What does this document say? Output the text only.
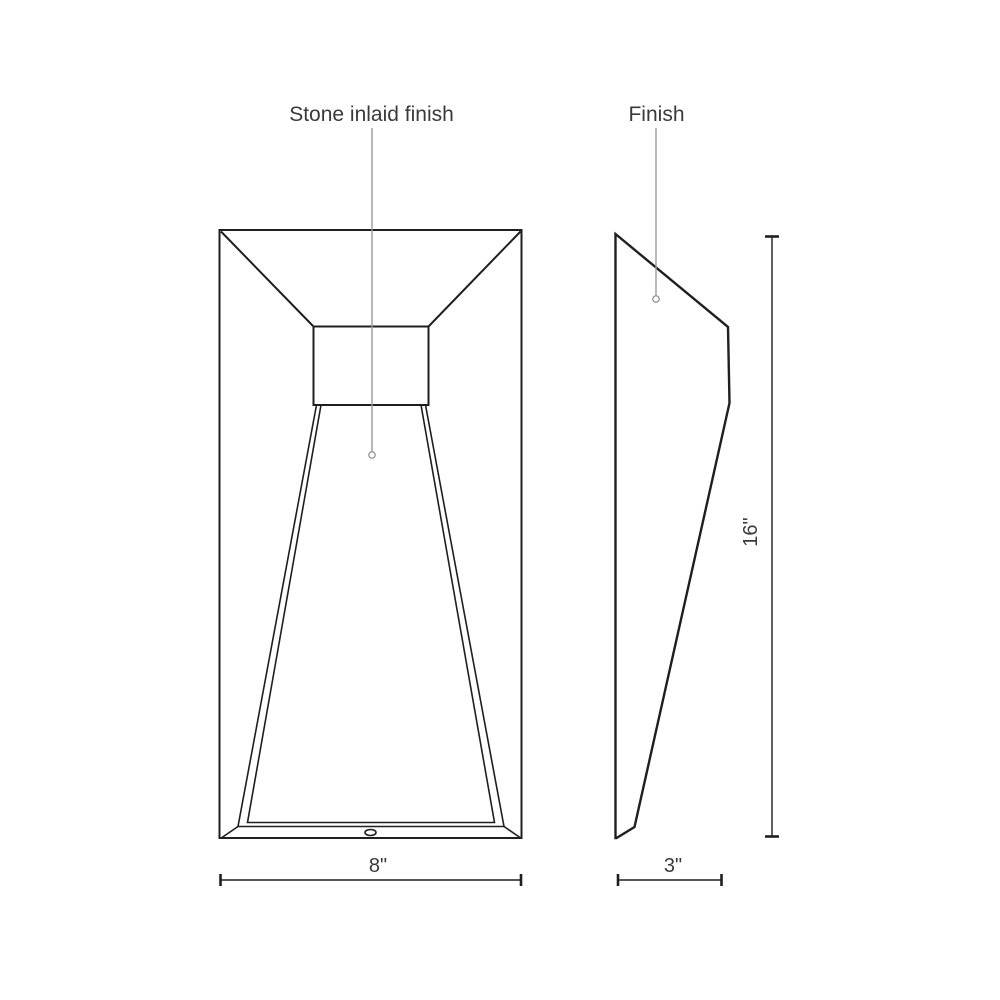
Stone inlaid finish	Finish
8"	3"
16"
